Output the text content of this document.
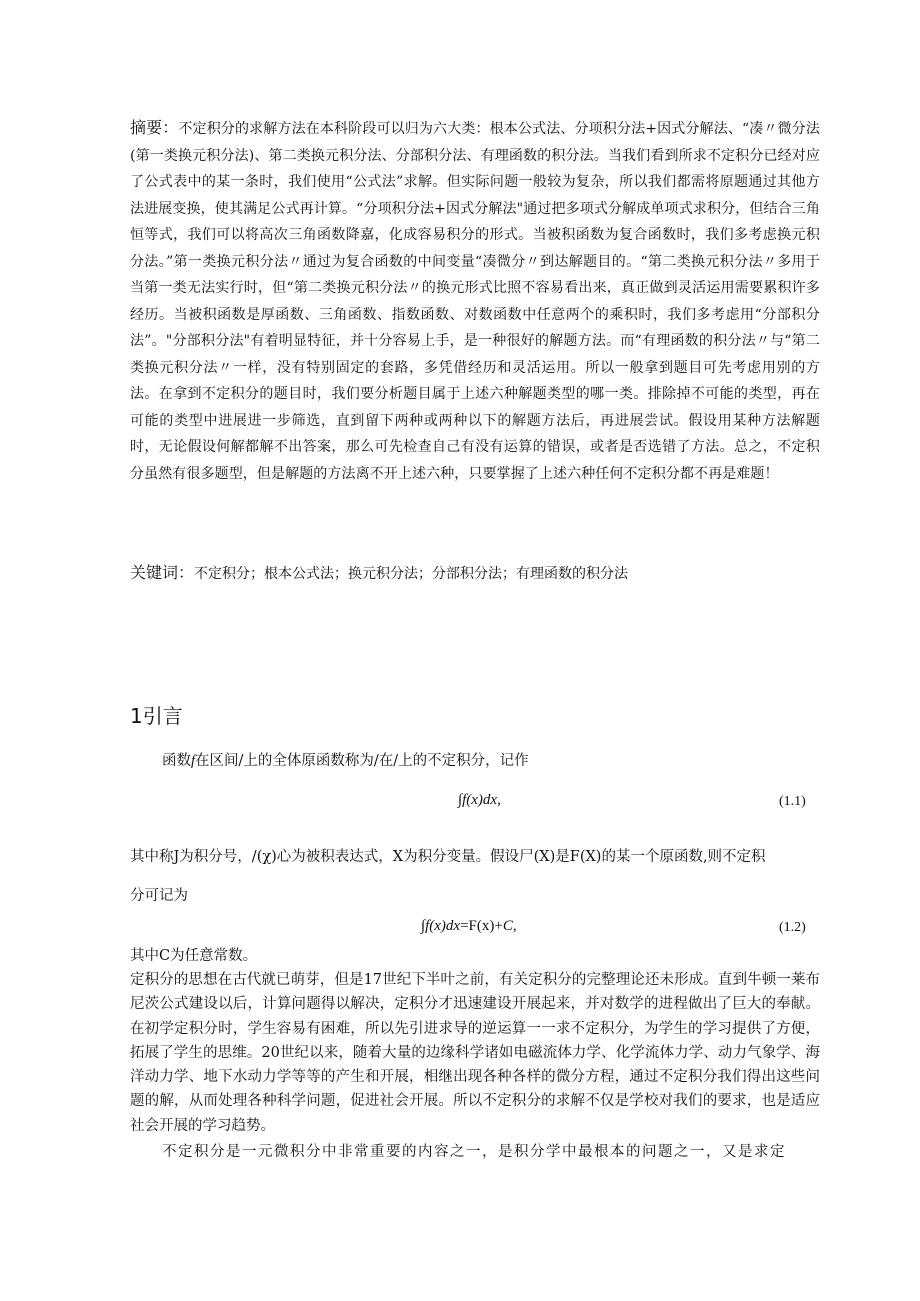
摘要：不定积分的求解方法在本科阶段可以归为六大类：根本公式法、分项积分法+因式分解法、“凑〃微分法(第一类换元积分法)、第二类换元积分法、分部积分法、有理函数的积分法。当我们看到所求不定积分已经对应了公式表中的某一条时，我们使用“公式法”求解。但实际问题一般较为复杂，所以我们都需将原题通过其他方法进展变换，使其满足公式再计算。“分项积分法+因式分解法"通过把多项式分解成单项式求积分，但结合三角恒等式，我们可以将高次三角函数降嘉，化成容易积分的形式。当被积函数为复合函数时，我们多考虑换元积分法。”第一类换元积分法〃通过为复合函数的中间变量“凑微分〃到达解题目的。“第二类换元积分法〃多用于当第一类无法实行时，但“第二类换元积分法〃的换元形式比照不容易看出来，真正做到灵活运用需要累积许多经历。当被积函数是厚函数、三角函数、指数函数、对数函数中任意两个的乘积时，我们多考虑用“分部积分法”。"分部积分法"有着明显特征，并十分容易上手，是一种很好的解题方法。而“有理函数的积分法〃与“第二类换元积分法〃一样，没有特别固定的套路，多凭借经历和灵活运用。所以一般拿到题目可先考虑用别的方法。在拿到不定积分的题目时，我们要分析题目属于上述六种解题类型的哪一类。排除掉不可能的类型，再在可能的类型中进展进一步筛选，直到留下两种或两种以下的解题方法后，再进展尝试。假设用某种方法解题时，无论假设何解都解不出答案，那么可先检查自己有没有运算的错误，或者是否选错了方法。总之，不定积分虽然有很多题型，但是解题的方法离不开上述六种，只要掌握了上述六种任何不定积分都不再是难题！
关键词：不定积分；根本公式法；换元积分法；分部积分法；有理函数的积分法
1引言
函数f在区间/上的全体原函数称为/在/上的不定积分，记作
∫f(x)dx,	(1.1)
其中称J为积分号，/(χ)心为被积表达式，X为积分变量。假设尸(X)是F(X)的某一个原函数,则不定积
分可记为
∫f(x)dx=F(x)+C,	(1.2)
其中C为任意常数。
定积分的思想在古代就已萌芽，但是17世纪下半叶之前，有关定积分的完整理论还未形成。直到牛顿一莱布尼茨公式建设以后，计算问题得以解决，定积分才迅速建设开展起来，并对数学的进程做出了巨大的奉献。在初学定积分时，学生容易有困难，所以先引进求导的逆运算一一求不定积分，为学生的学习提供了方便，拓展了学生的思维。20世纪以来，随着大量的边缘科学诸如电磁流体力学、化学流体力学、动力气象学、海洋动力学、地下水动力学等等的产生和开展，相继出现各种各样的微分方程，通过不定积分我们得出这些问题的解，从而处理各种科学问题，促进社会开展。所以不定积分的求解不仅是学校对我们的要求，也是适应社会开展的学习趋势。
不定积分是一元微积分中非常重要的内容之一，是积分学中最根本的问题之一，又是求定
